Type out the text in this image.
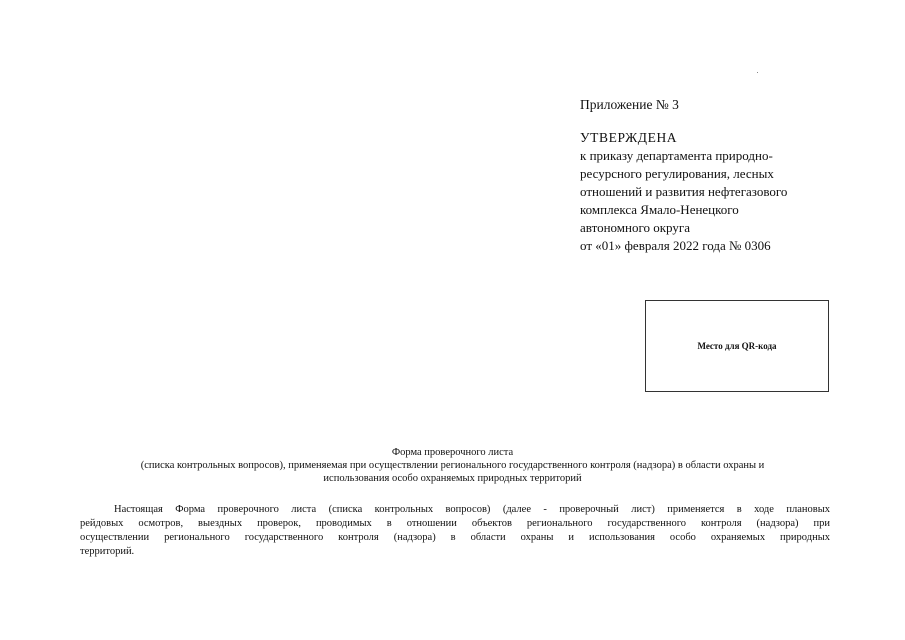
Приложение № 3
УТВЕРЖДЕНА
к приказу департамента природно-
ресурсного регулирования, лесных
отношений и развития нефтегазового
комплекса Ямало-Ненецкого
автономного округа
от «01» февраля 2022 года № 0306
Место для QR-кода
Форма проверочного листа
(списка контрольных вопросов), применяемая при осуществлении регионального государственного контроля (надзора) в области охраны и
использования особо охраняемых природных территорий
Настоящая Форма проверочного листа (списка контрольных вопросов) (далее - проверочный лист) применяется в ходе плановых
рейдовых осмотров, выездных проверок, проводимых в отношении объектов регионального государственного контроля (надзора) при
осуществлении регионального государственного контроля (надзора) в области охраны и использования особо охраняемых природных
территорий.
